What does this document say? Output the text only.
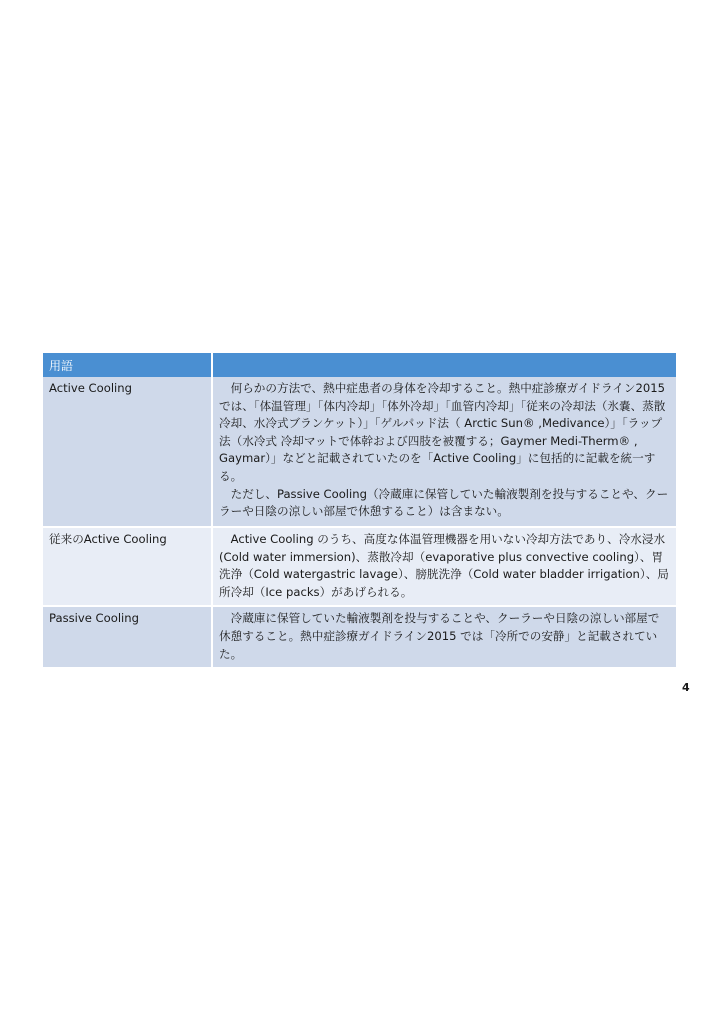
用語	
Active Cooling	何らかの方法で、熱中症患者の身体を冷却すること。熱中症診療ガイドライン2015 では、「体温管理」「体内冷却」「体外冷却」「血管内冷却」「従来の冷却法（氷嚢、蒸散冷却、水冷式ブランケット）」「ゲルパッド法（ Arctic Sun® ,Medivance）」「ラップ法（水冷式 冷却マットで体幹および四肢を被覆する；Gaymer Medi-Therm® , Gaymar）」などと記載されていたのを「Active Cooling」に包括的に記載を統一する。

ただし、Passive Cooling（冷蔵庫に保管していた輸液製剤を投与することや、クーラーや日陰の涼しい部屋で休憩すること）は含まない。

従来のActive Cooling	Active Cooling のうち、高度な体温管理機器を用いない冷却方法であり、冷水浸水 (Cold water immersion)、蒸散冷却（evaporative plus convective cooling）、胃洗浄（Cold watergastric lavage）、膀胱洗浄（Cold water bladder irrigation）、局所冷却（Ice packs）があげられる。

Passive Cooling	冷蔵庫に保管していた輸液製剤を投与することや、クーラーや日陰の涼しい部屋で休憩すること。熱中症診療ガイドライン2015 では「冷所での安静」と記載されていた。

4
